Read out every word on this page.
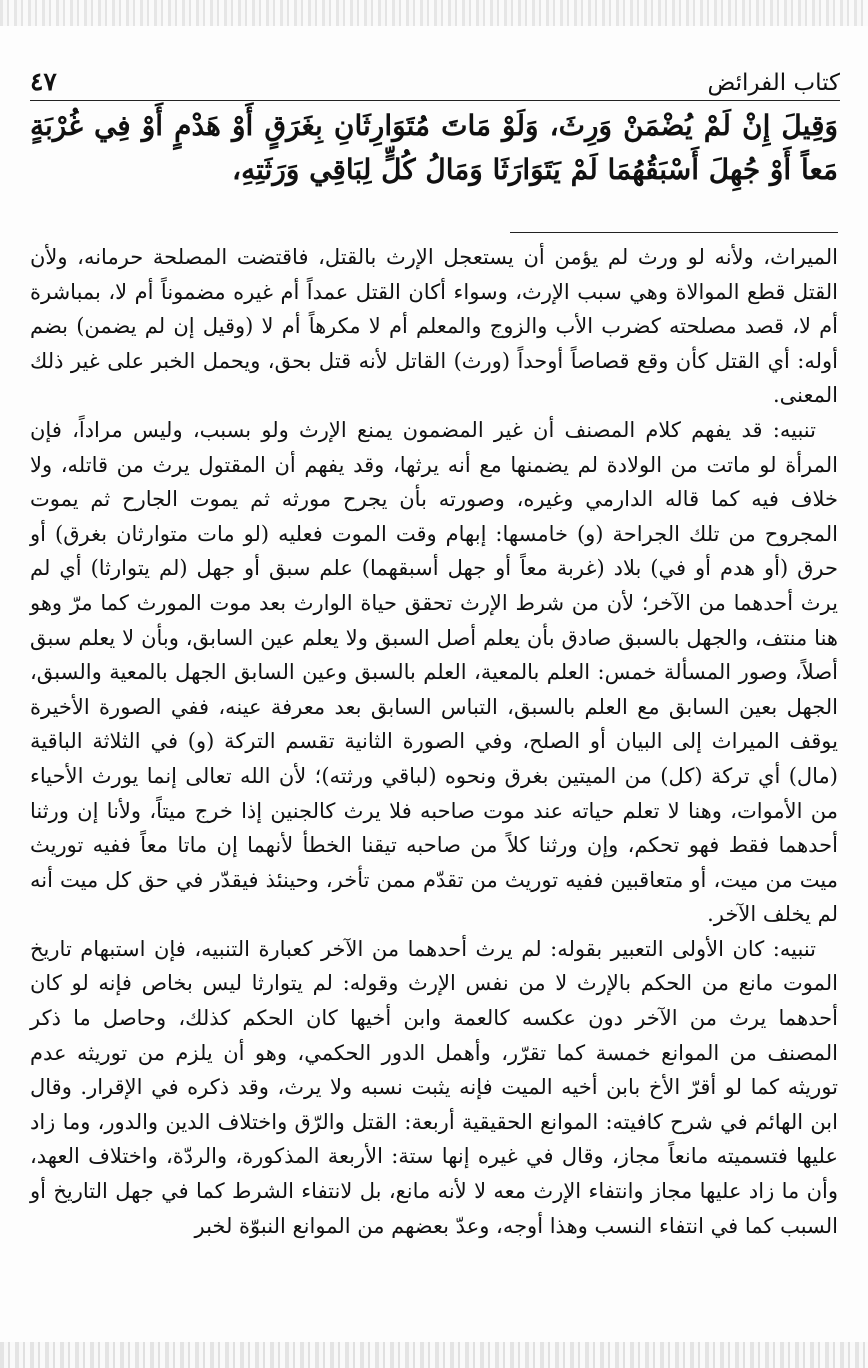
كتاب الفرائض
٤٧
وَقِيلَ إِنْ لَمْ يُضْمَنْ وَرِثَ، وَلَوْ مَاتَ مُتَوَارِثَانِ بِغَرَقٍ أَوْ هَدْمٍ أَوْ فِي غُرْبَةٍ مَعاً أَوْ جُهِلَ أَسْبَقُهُمَا لَمْ يَتَوَارَثَا وَمَالُ كُلٍّ لِبَاقِي وَرَثَتِهِ،

الميراث، ولأنه لو ورث لم يؤمن أن يستعجل الإرث بالقتل، فاقتضت المصلحة حرمانه، ولأن القتل قطع الموالاة وهي سبب الإرث، وسواء أكان القتل عمداً أم غيره مضموناً أم لا، بمباشرة أم لا، قصد مصلحته كضرب الأب والزوج والمعلم أم لا مكرهاً أم لا (وقيل إن لم يضمن) بضم أوله: أي القتل كأن وقع قصاصاً أوحداً (ورث) القاتل لأنه قتل بحق، ويحمل الخبر على غير ذلك المعنى.

تنبيه: قد يفهم كلام المصنف أن غير المضمون يمنع الإرث ولو بسبب، وليس مراداً، فإن المرأة لو ماتت من الولادة لم يضمنها مع أنه يرثها، وقد يفهم أن المقتول يرث من قاتله، ولا خلاف فيه كما قاله الدارمي وغيره، وصورته بأن يجرح مورثه ثم يموت الجارح ثم يموت المجروح من تلك الجراحة (و) خامسها: إبهام وقت الموت فعليه (لو مات متوارثان بغرق) أو حرق (أو هدم أو في) بلاد (غربة معاً أو جهل أسبقهما) علم سبق أو جهل (لم يتوارثا) أي لم يرث أحدهما من الآخر؛ لأن من شرط الإرث تحقق حياة الوارث بعد موت المورث كما مرّ وهو هنا منتف، والجهل بالسبق صادق بأن يعلم أصل السبق ولا يعلم عين السابق، وبأن لا يعلم سبق أصلاً، وصور المسألة خمس: العلم بالمعية، العلم بالسبق وعين السابق الجهل بالمعية والسبق، الجهل بعين السابق مع العلم بالسبق، التباس السابق بعد معرفة عينه، ففي الصورة الأخيرة يوقف الميراث إلى البيان أو الصلح، وفي الصورة الثانية تقسم التركة (و) في الثلاثة الباقية (مال) أي تركة (كل) من الميتين بغرق ونحوه (لباقي ورثته)؛ لأن الله تعالى إنما يورث الأحياء من الأموات، وهنا لا تعلم حياته عند موت صاحبه فلا يرث كالجنين إذا خرج ميتاً، ولأنا إن ورثنا أحدهما فقط فهو تحكم، وإن ورثنا كلاً من صاحبه تيقنا الخطأ لأنهما إن ماتا معاً ففيه توريث ميت من ميت، أو متعاقبين ففيه توريث من تقدّم ممن تأخر، وحينئذ فيقدّر في حق كل ميت أنه لم يخلف الآخر.

تنبيه: كان الأولى التعبير بقوله: لم يرث أحدهما من الآخر كعبارة التنبيه، فإن استبهام تاريخ الموت مانع من الحكم بالإرث لا من نفس الإرث وقوله: لم يتوارثا ليس بخاص فإنه لو كان أحدهما يرث من الآخر دون عكسه كالعمة وابن أخيها كان الحكم كذلك، وحاصل ما ذكر المصنف من الموانع خمسة كما تقرّر، وأهمل الدور الحكمي، وهو أن يلزم من توريثه عدم توريثه كما لو أقرّ الأخ بابن أخيه الميت فإنه يثبت نسبه ولا يرث، وقد ذكره في الإقرار. وقال ابن الهائم في شرح كافيته: الموانع الحقيقية أربعة: القتل والرّق واختلاف الدين والدور، وما زاد عليها فتسميته مانعاً مجاز، وقال في غيره إنها ستة: الأربعة المذكورة، والردّة، واختلاف العهد، وأن ما زاد عليها مجاز وانتفاء الإرث معه لا لأنه مانع، بل لانتفاء الشرط كما في جهل التاريخ أو السبب كما في انتفاء النسب وهذا أوجه، وعدّ بعضهم من الموانع النبوّة لخبر
